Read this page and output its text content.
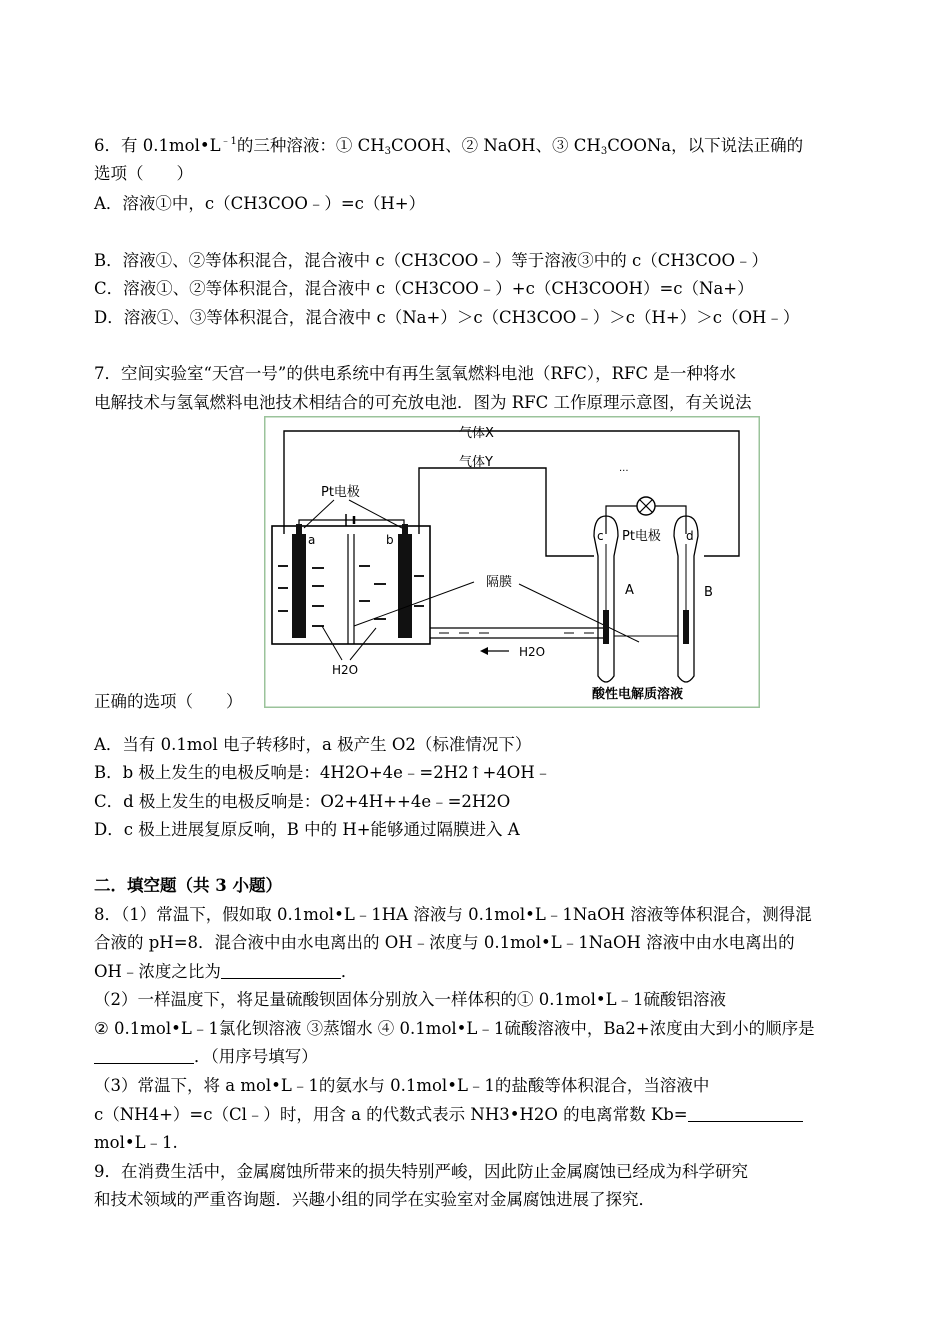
6．有 $0.1mol•L^{﹣1}$的三种溶液：① $CH_3COOH$、② NaOH、③ $CH_3COONa$，以下说法正确的
选项（　　）
A．溶液①中，c（CH3COO﹣）=c（H+）
B．溶液①、②等体积混合，混合液中 c（CH3COO﹣）等于溶液③中的 c（CH3COO﹣）
C．溶液①、②等体积混合，混合液中 c（CH3COO﹣）+c（CH3COOH）=c（Na+）
D．溶液①、③等体积混合，混合液中 c（Na+）＞c（CH3COO﹣）＞c（H+）＞c（OH﹣）
7．空间实验室“天宫一号”的供电系统中有再生氢氧燃料电池（RFC），RFC 是一种将水
电解技术与氢氧燃料电池技术相结合的可充放电池．图为 RFC 工作原理示意图，有关说法
气体X
气体Y
···
a	b
Pt电极
H2O
H2O
隔膜
c	d
Pt电极
A	B
酸性电解质溶液
正确的选项（　　）
A．当有 0.1mol 电子转移时，a 极产生 O2（标准情况下）
B．b 极上发生的电极反响是：4H2O+4e﹣=2H2↑+4OH﹣
C．d 极上发生的电极反响是：O2+4H++4e﹣=2H2O
D．c 极上进展复原反响，B 中的 H+能够通过隔膜进入 A
二．填空题（共 3 小题）
8．（1）常温下，假如取 0.1mol•L﹣1HA 溶液与 0.1mol•L﹣1NaOH 溶液等体积混合，测得混
合液的 pH=8．混合液中由水电离出的 OH﹣浓度与 0.1mol•L﹣1NaOH 溶液中由水电离出的
OH﹣浓度之比为	．
（2）一样温度下，将足量硫酸钡固体分别放入一样体积的① 0.1mol•L﹣1硫酸铝溶液
② 0.1mol•L﹣1氯化钡溶液 ③蒸馏水 ④ 0.1mol•L﹣1硫酸溶液中，Ba2+浓度由大到小的顺序是
．（用序号填写）
（3）常温下，将 a mol•L﹣1的氨水与 0.1mol•L﹣1的盐酸等体积混合，当溶液中
c（NH4+）=c（Cl﹣）时，用含 a 的代数式表示 NH3•H2O 的电离常数 Kb=
mol•L﹣1.
9．在消费生活中，金属腐蚀所带来的损失特别严峻，因此防止金属腐蚀已经成为科学研究
和技术领域的严重咨询题．兴趣小组的同学在实验室对金属腐蚀进展了探究．
